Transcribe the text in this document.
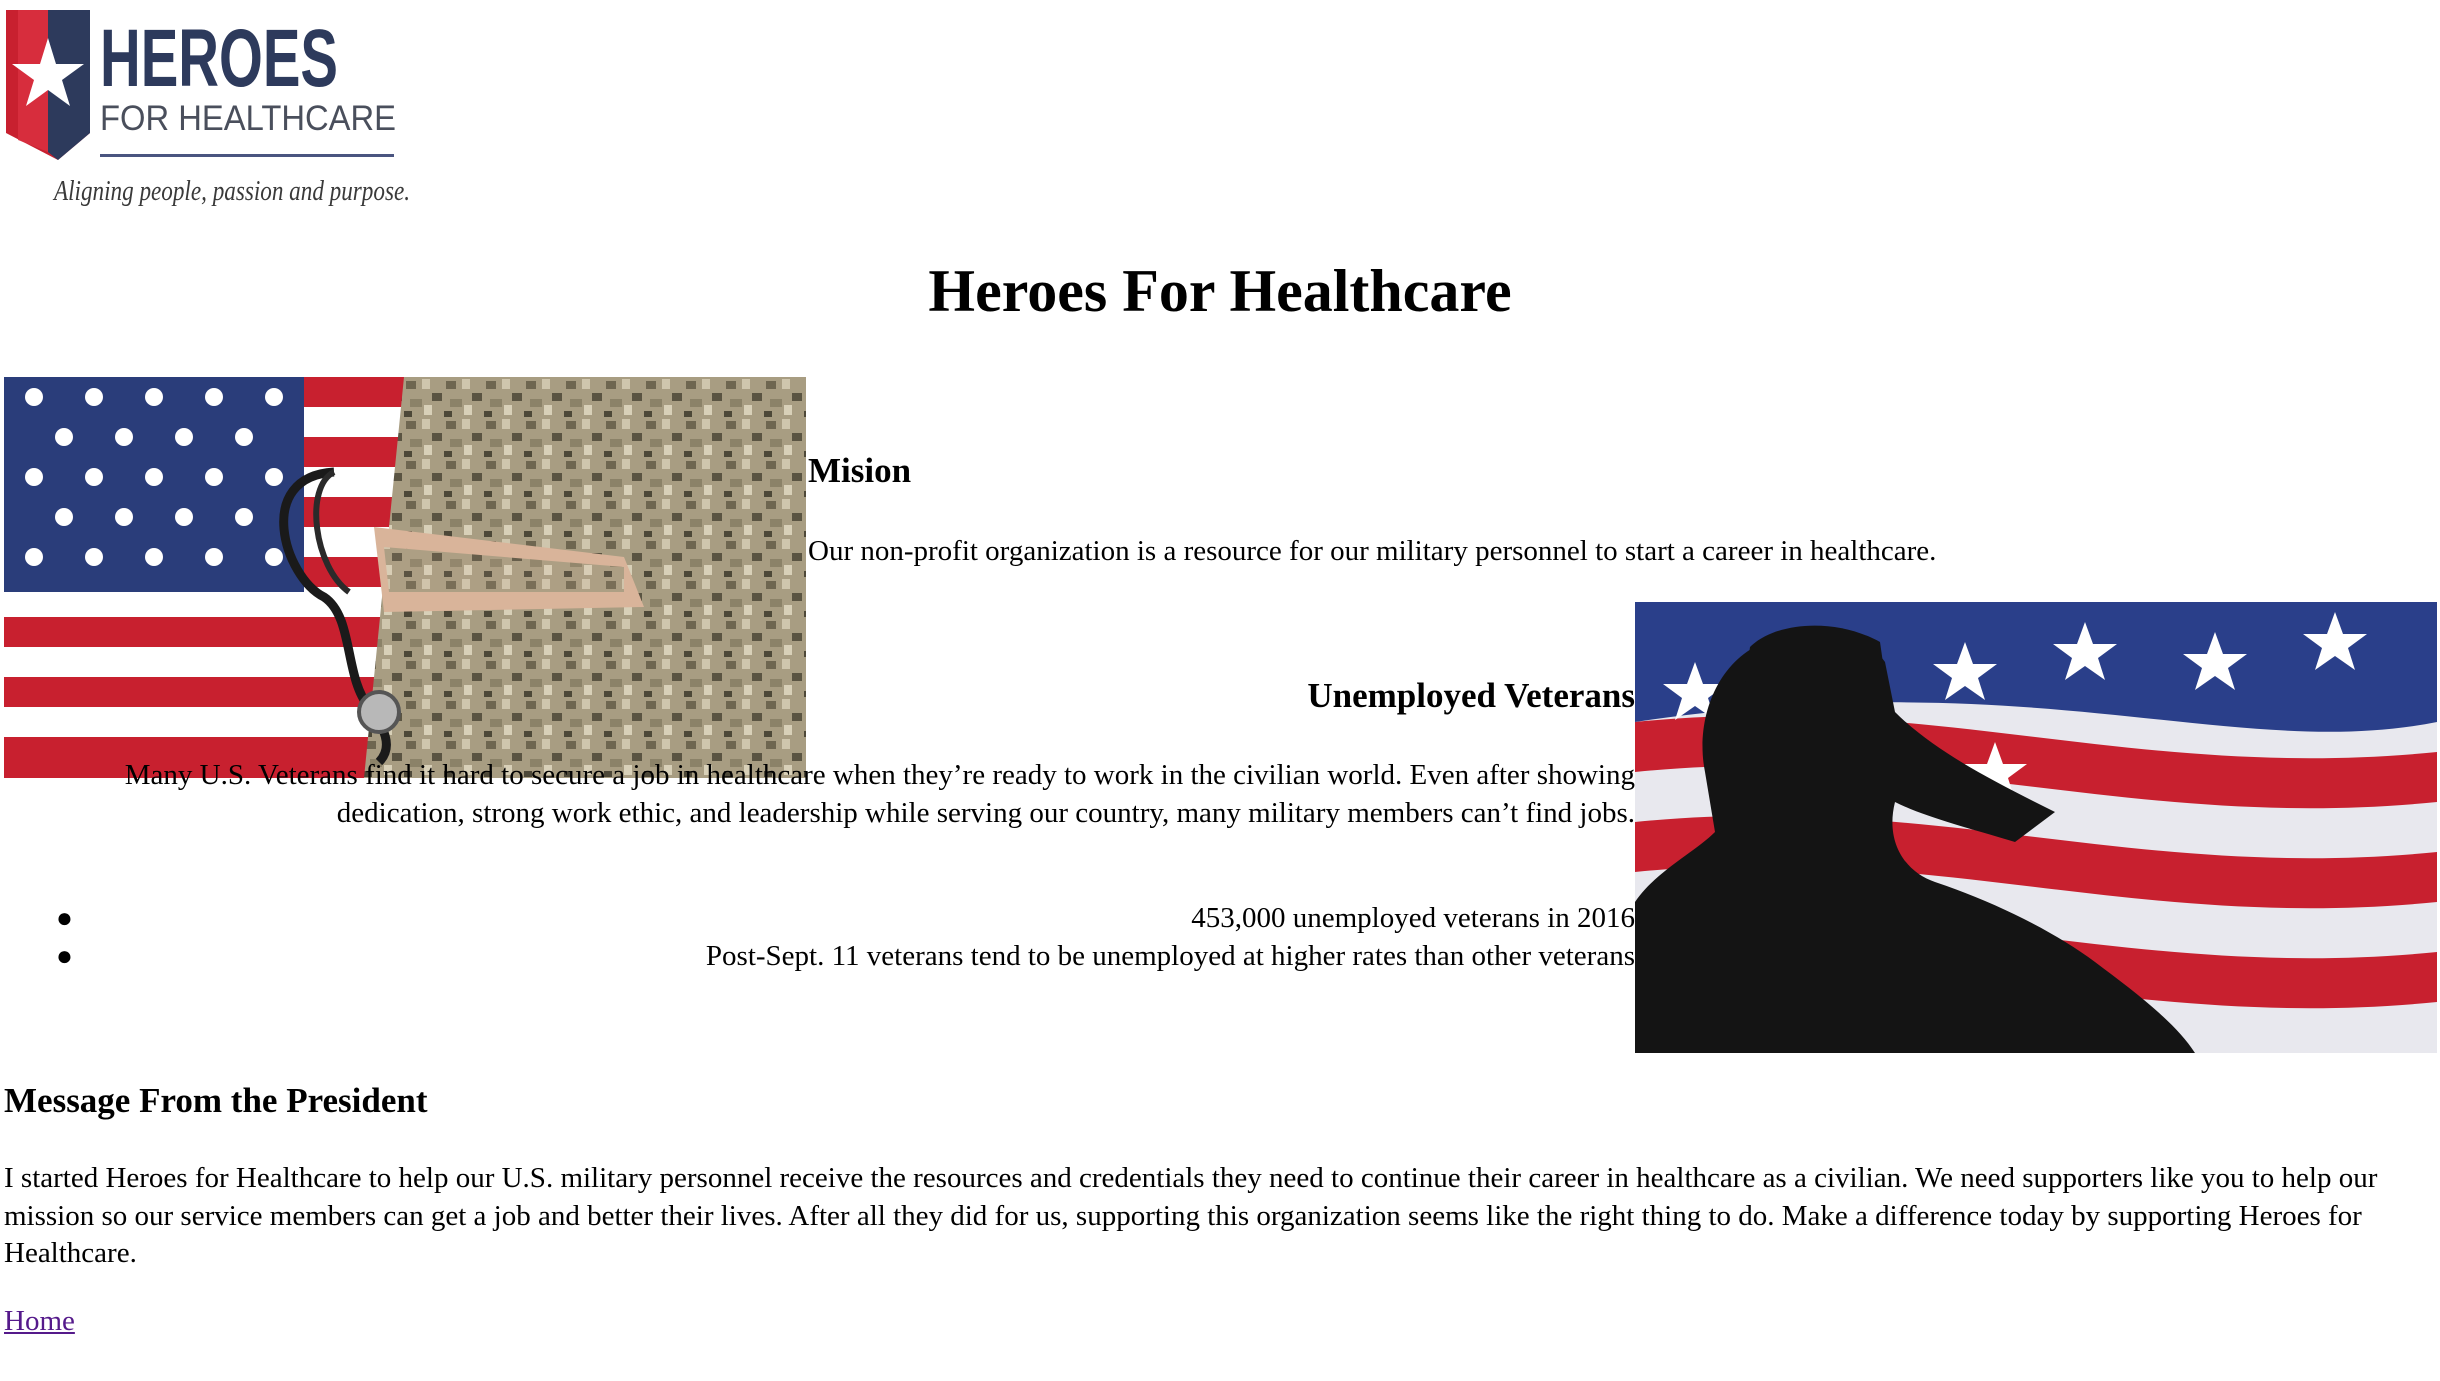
HEROES
FOR HEALTHCARE
Aligning people, passion and purpose.
Heroes For Healthcare
Mision

Our non-profit organization is a resource for our military personnel to start a career in healthcare.

Unemployed Veterans

Many U.S. Veterans find it hard to secure a job in healthcare when they’re ready to work in the civilian world. Even after showing dedication, strong work ethic, and leadership while serving our country, many military members can’t find jobs.

●	453,000 unemployed veterans in 2016
●	Post-Sept. 11 veterans tend to be unemployed at higher rates than other veterans
Message From the President

I started Heroes for Healthcare to help our U.S. military personnel receive the resources and credentials they need to continue their career in healthcare as a civilian. We need supporters like you to help our mission so our service members can get a job and better their lives. After all they did for us, supporting this organization seems like the right thing to do. Make a difference today by supporting Heroes for Healthcare.

Home
